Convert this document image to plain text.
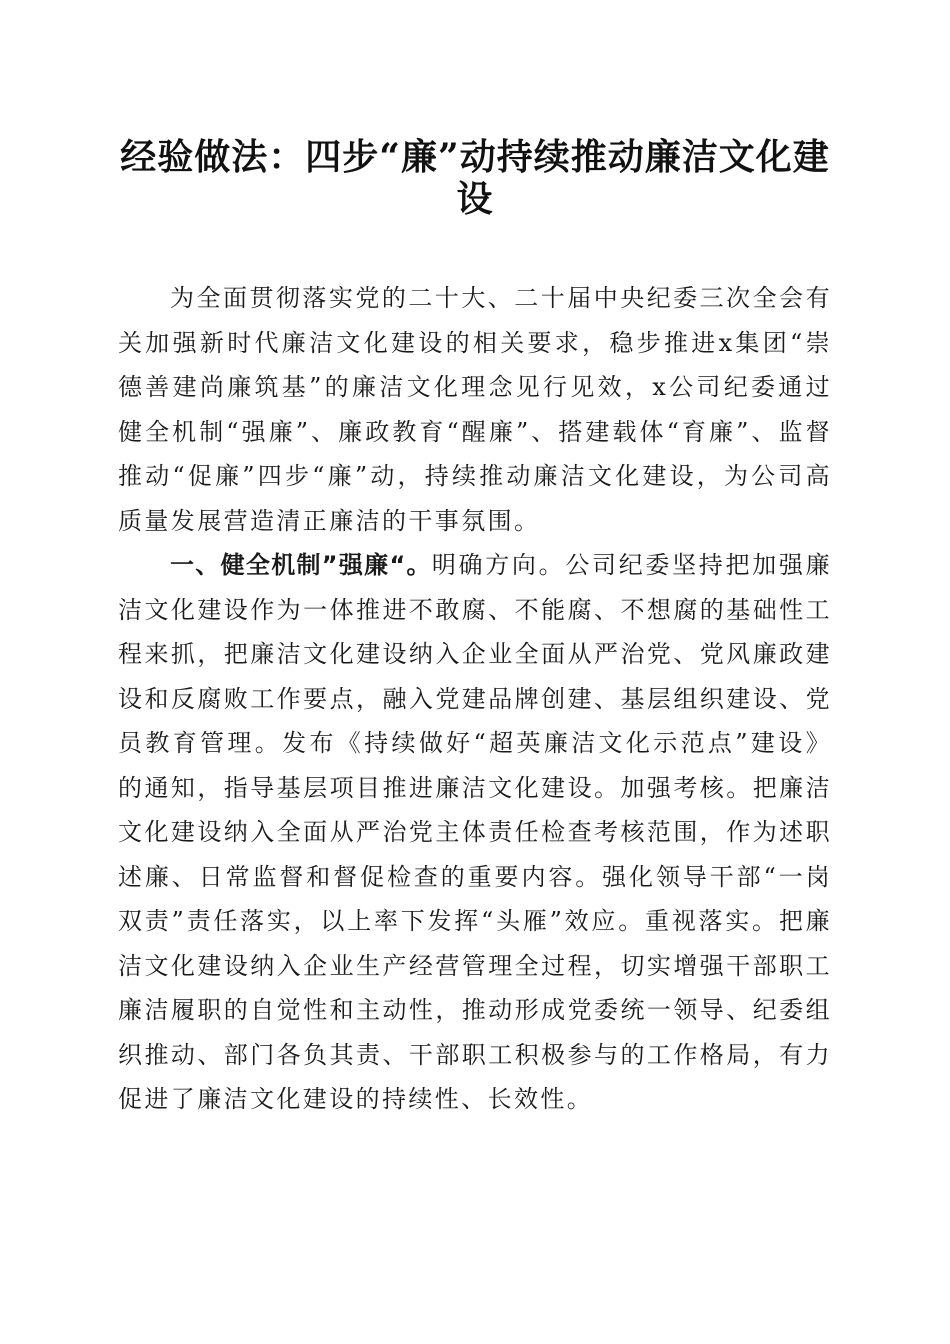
经验做法：四步“廉”动持续推动廉洁文化建设

为全面贯彻落实党的二十大、二十届中央纪委三次全会有关加强新时代廉洁文化建设的相关要求，稳步推进x集团“崇德善建尚廉筑基”的廉洁文化理念见行见效，x公司纪委通过健全机制“强廉”、廉政教育“醒廉”、搭建载体“育廉”、监督推动“促廉”四步“廉”动，持续推动廉洁文化建设，为公司高质量发展营造清正廉洁的干事氛围。

一、健全机制”强廉“。明确方向。公司纪委坚持把加强廉洁文化建设作为一体推进不敢腐、不能腐、不想腐的基础性工程来抓，把廉洁文化建设纳入企业全面从严治党、党风廉政建设和反腐败工作要点，融入党建品牌创建、基层组织建设、党员教育管理。发布《持续做好“超英廉洁文化示范点”建设》的通知，指导基层项目推进廉洁文化建设。加强考核。把廉洁文化建设纳入全面从严治党主体责任检查考核范围，作为述职述廉、日常监督和督促检查的重要内容。强化领导干部“一岗双责”责任落实，以上率下发挥“头雁”效应。重视落实。把廉洁文化建设纳入企业生产经营管理全过程，切实增强干部职工廉洁履职的自觉性和主动性，推动形成党委统一领导、纪委组织推动、部门各负其责、干部职工积极参与的工作格局，有力促进了廉洁文化建设的持续性、长效性。
